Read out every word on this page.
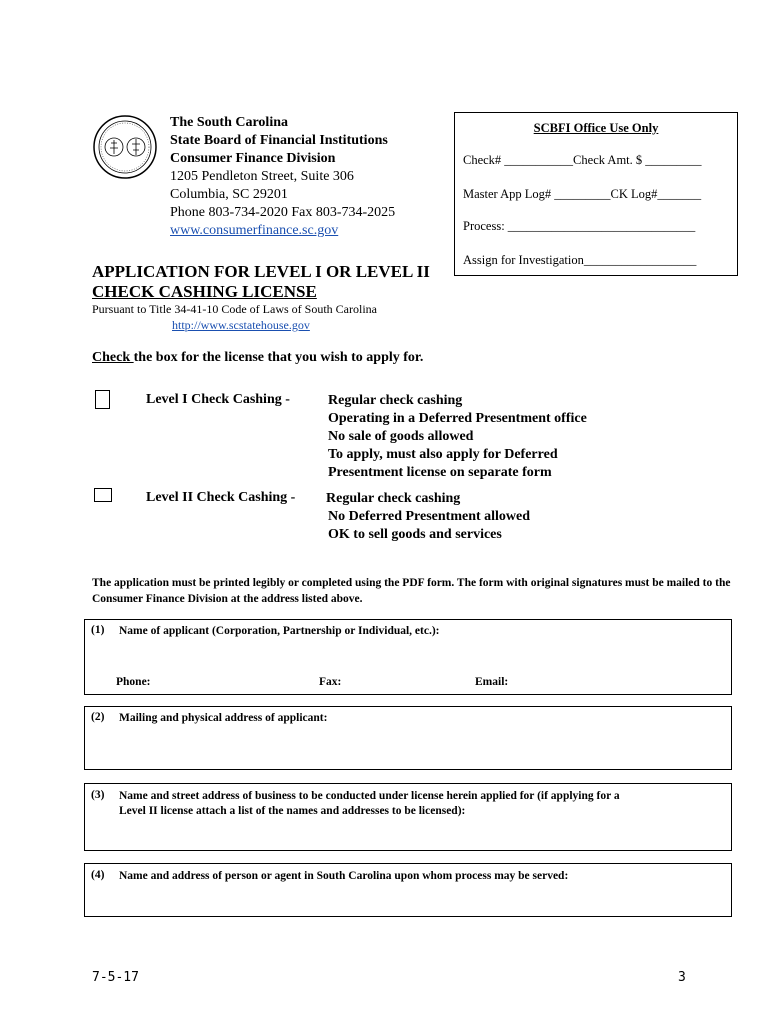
The South Carolina
State Board of Financial Institutions
Consumer Finance Division
1205 Pendleton Street, Suite 306
Columbia, SC 29201
Phone 803-734-2020 Fax 803-734-2025
www.consumerfinance.sc.gov
SCBFI Office Use Only
Check# ___________Check Amt. $ _________
Master App Log# _________CK Log#_______
Process: ______________________________
Assign for Investigation__________________
APPLICATION FOR LEVEL I OR LEVEL II
CHECK CASHING LICENSE
Pursuant to Title 34-41-10 Code of Laws of South Carolina
http://www.scstatehouse.gov
Check the box for the license that you wish to apply for.
Level I Check Cashing -	Regular check cashing
Operating in a Deferred Presentment office
No sale of goods allowed
To apply, must also apply for Deferred
Presentment license on separate form
Level II Check Cashing - Regular check cashing
No Deferred Presentment allowed
OK to sell goods and services
The application must be printed legibly or completed using the PDF form. The form with original signatures must be mailed to the Consumer Finance Division at the address listed above.
(1) Name of applicant (Corporation, Partnership or Individual, etc.):
Phone:	Fax:	Email:
(2) Mailing and physical address of applicant:
(3) Name and street address of business to be conducted under license herein applied for (if applying for a
Level II license attach a list of the names and addresses to be licensed):
(4) Name and address of person or agent in South Carolina upon whom process may be served:
7-5-17	3
